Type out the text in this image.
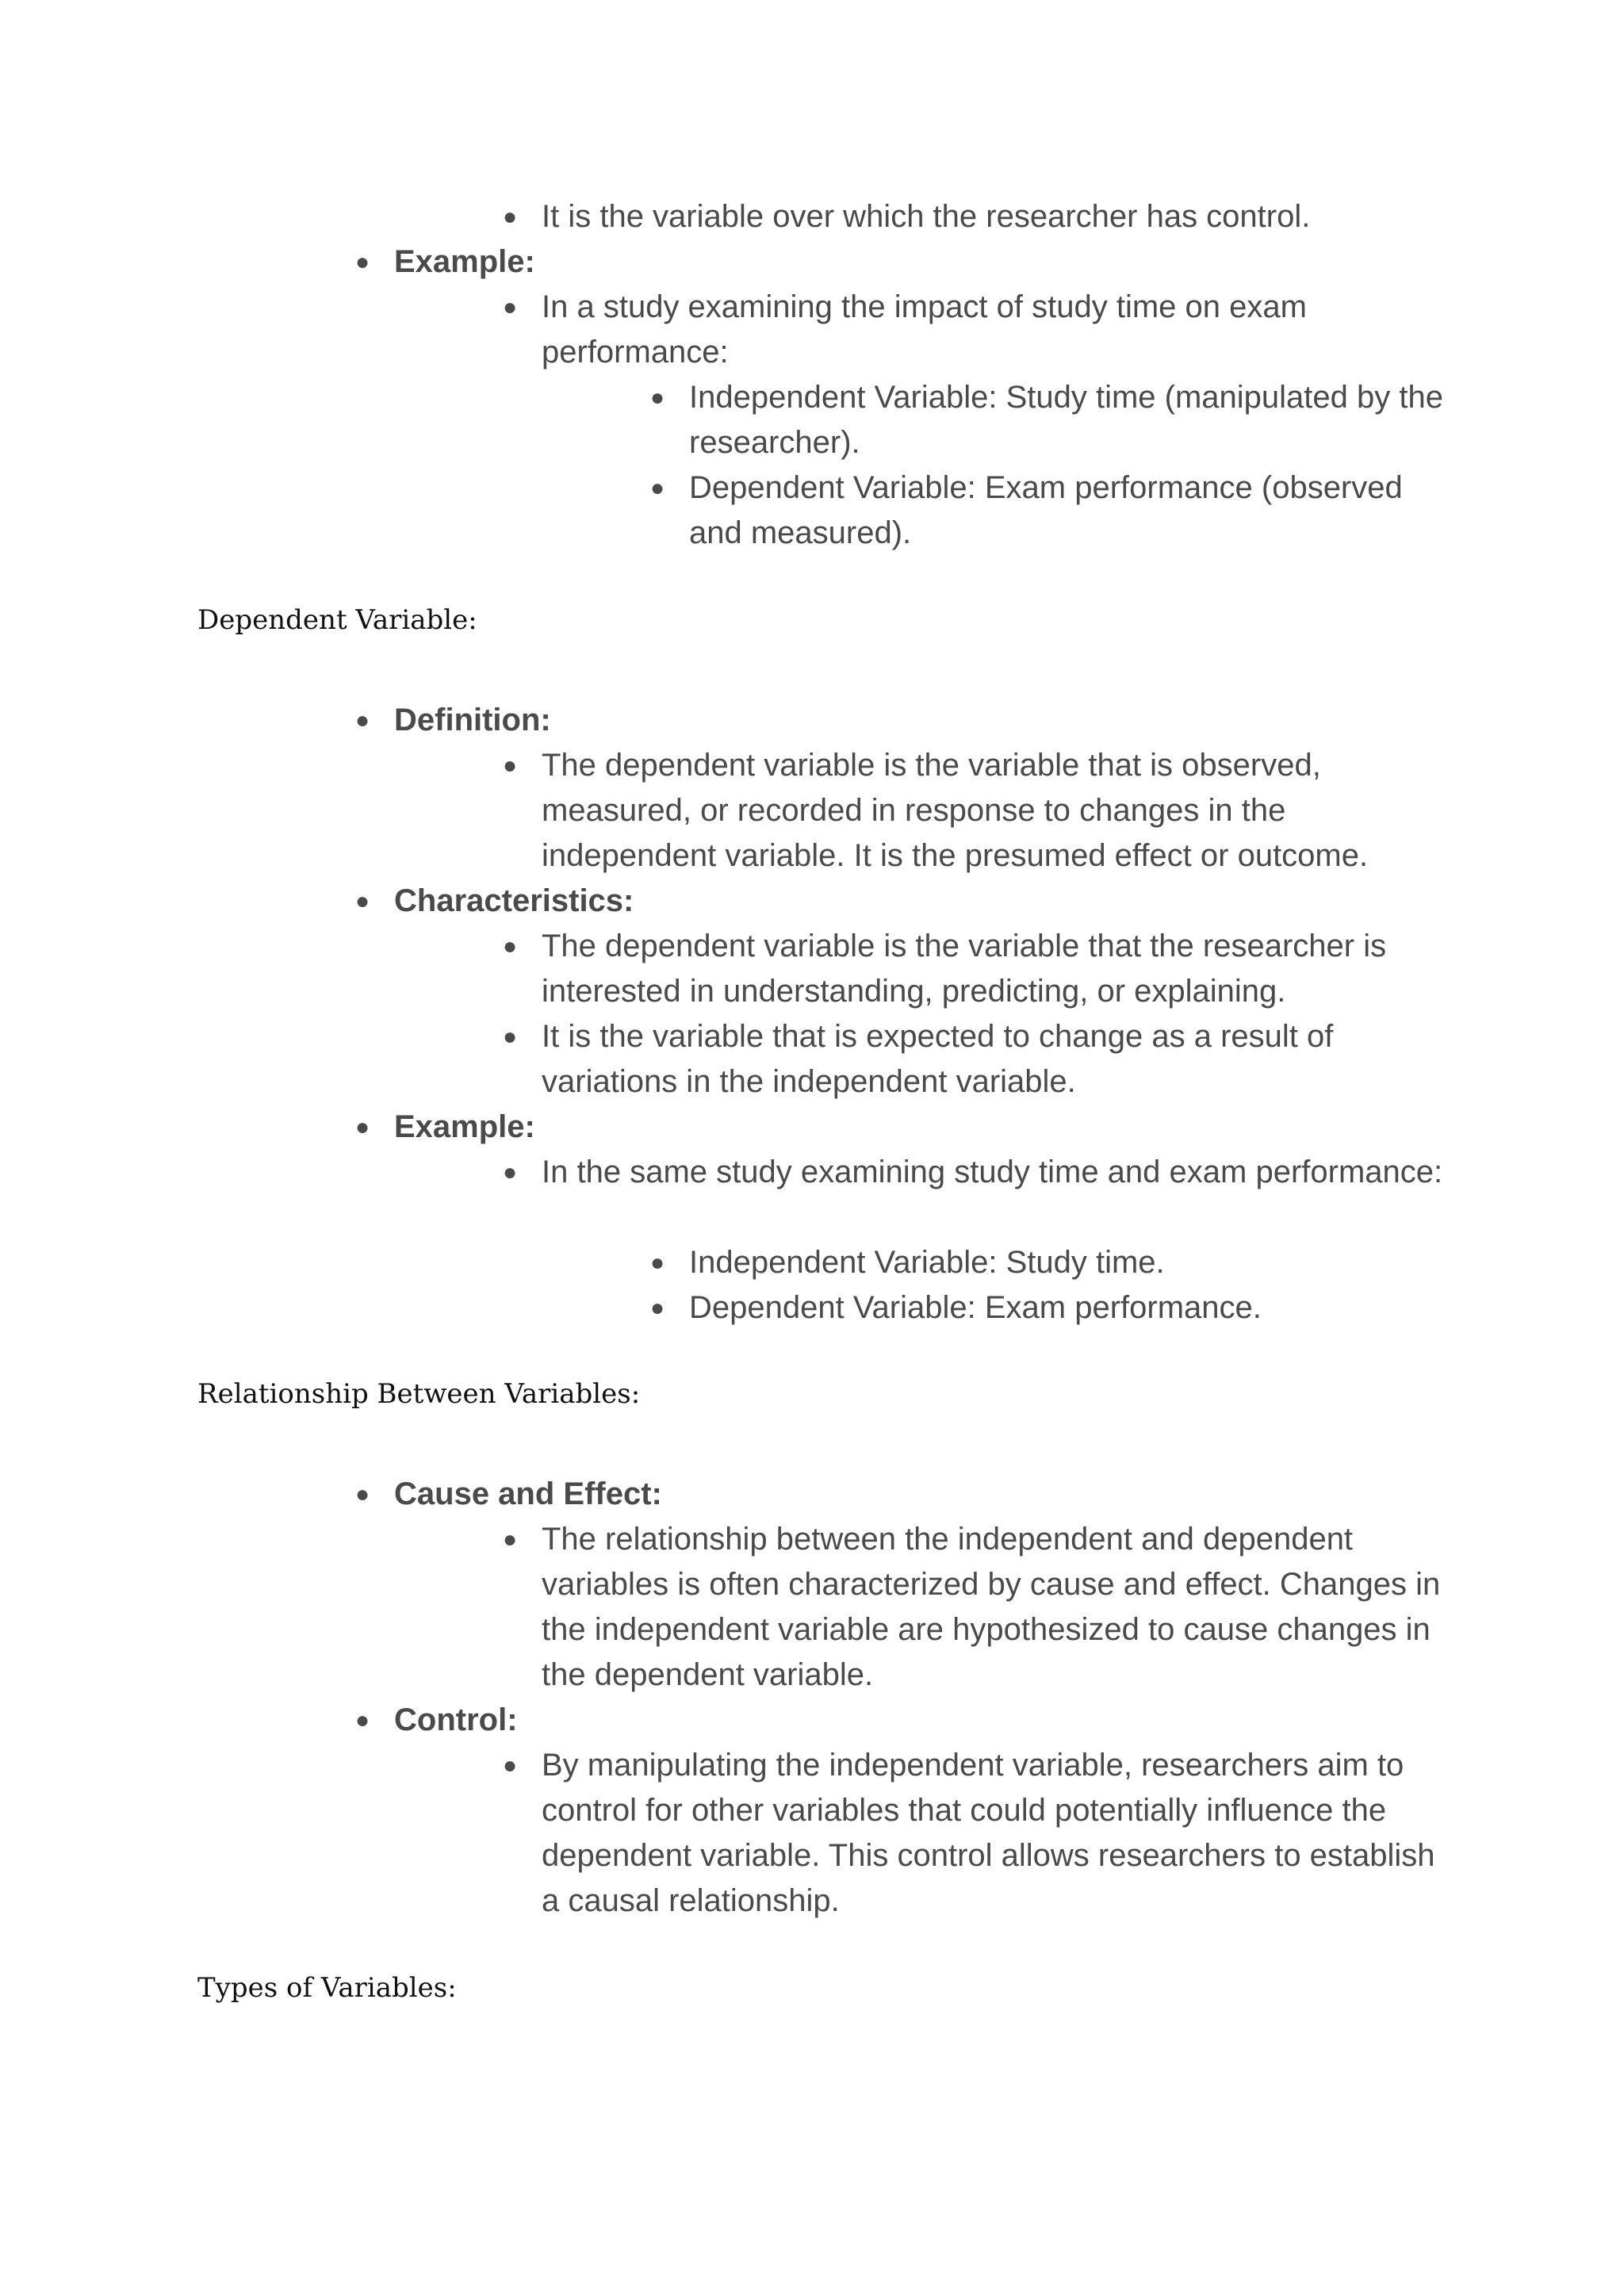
● It is the variable over which the researcher has control.
● Example:
● In a study examining the impact of study time on exam performance:
● Independent Variable: Study time (manipulated by the researcher).
● Dependent Variable: Exam performance (observed and measured).
Dependent Variable:
● Definition:
● The dependent variable is the variable that is observed, measured, or recorded in response to changes in the independent variable. It is the presumed effect or outcome.
● Characteristics:
● The dependent variable is the variable that the researcher is interested in understanding, predicting, or explaining.
● It is the variable that is expected to change as a result of variations in the independent variable.
● Example:
● In the same study examining study time and exam performance:
● Independent Variable: Study time.
● Dependent Variable: Exam performance.
Relationship Between Variables:
● Cause and Effect:
● The relationship between the independent and dependent variables is often characterized by cause and effect. Changes in the independent variable are hypothesized to cause changes in the dependent variable.
● Control:
● By manipulating the independent variable, researchers aim to control for other variables that could potentially influence the dependent variable. This control allows researchers to establish a causal relationship.
Types of Variables:
